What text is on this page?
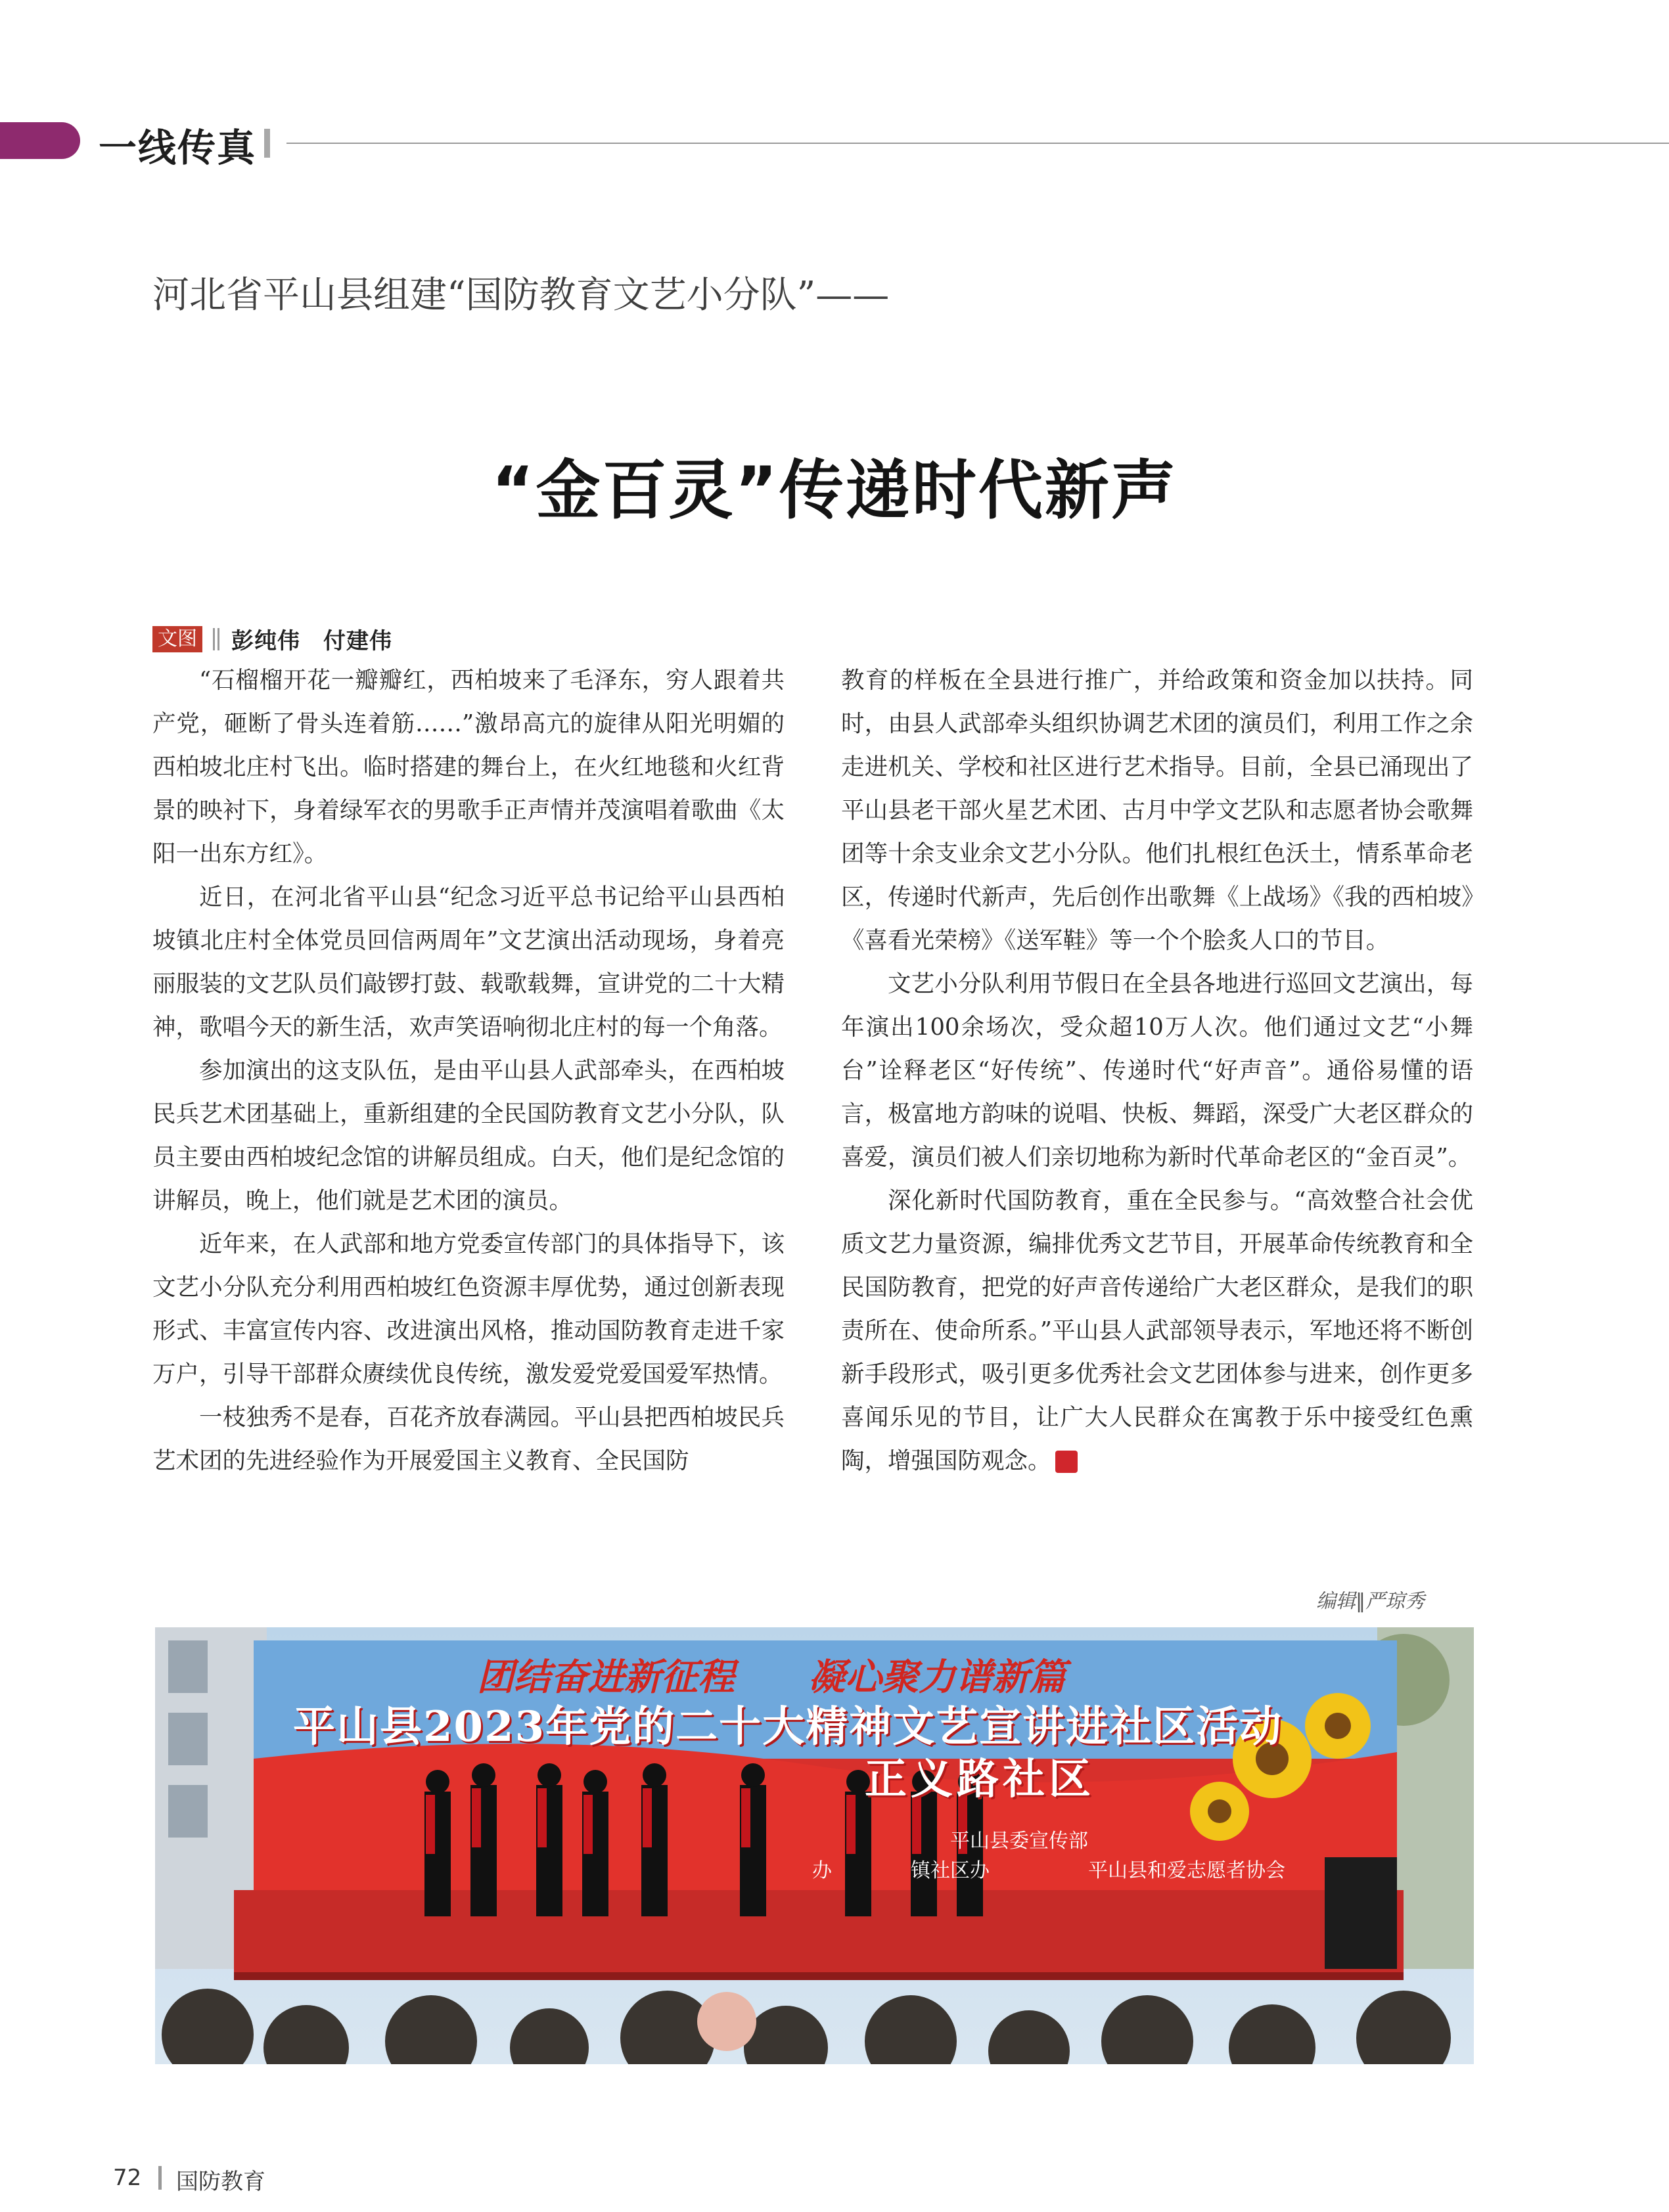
一线传真
河北省平山县组建“国防教育文艺小分队”——
“金百灵”传递时代新声
文图 彭纯伟　付建伟

“石榴榴开花一瓣瓣红，西柏坡来了毛泽东，穷人跟着共产党，砸断了骨头连着筋……”激昂高亢的旋律从阳光明媚的西柏坡北庄村飞出。临时搭建的舞台上，在火红地毯和火红背景的映衬下，身着绿军衣的男歌手正声情并茂演唱着歌曲《太阳一出东方红》。

近日，在河北省平山县“纪念习近平总书记给平山县西柏坡镇北庄村全体党员回信两周年”文艺演出活动现场，身着亮丽服装的文艺队员们敲锣打鼓、载歌载舞，宣讲党的二十大精神，歌唱今天的新生活，欢声笑语响彻北庄村的每一个角落。

参加演出的这支队伍，是由平山县人武部牵头，在西柏坡民兵艺术团基础上，重新组建的全民国防教育文艺小分队，队员主要由西柏坡纪念馆的讲解员组成。白天，他们是纪念馆的讲解员，晚上，他们就是艺术团的演员。

近年来，在人武部和地方党委宣传部门的具体指导下，该文艺小分队充分利用西柏坡红色资源丰厚优势，通过创新表现形式、丰富宣传内容、改进演出风格，推动国防教育走进千家万户，引导干部群众赓续优良传统，激发爱党爱国爱军热情。

一枝独秀不是春，百花齐放春满园。平山县把西柏坡民兵艺术团的先进经验作为开展爱国主义教育、全民国防

教育的样板在全县进行推广，并给政策和资金加以扶持。同时，由县人武部牵头组织协调艺术团的演员们，利用工作之余走进机关、学校和社区进行艺术指导。目前，全县已涌现出了平山县老干部火星艺术团、古月中学文艺队和志愿者协会歌舞团等十余支业余文艺小分队。他们扎根红色沃土，情系革命老区，传递时代新声，先后创作出歌舞《上战场》《我的西柏坡》《喜看光荣榜》《送军鞋》等一个个脍炙人口的节目。

文艺小分队利用节假日在全县各地进行巡回文艺演出，每年演出100余场次，受众超10万人次。他们通过文艺“小舞台”诠释老区“好传统”、传递时代“好声音”。通俗易懂的语言，极富地方韵味的说唱、快板、舞蹈，深受广大老区群众的喜爱，演员们被人们亲切地称为新时代革命老区的“金百灵”。

深化新时代国防教育，重在全民参与。“高效整合社会优质文艺力量资源，编排优秀文艺节目，开展革命传统教育和全民国防教育，把党的好声音传递给广大老区群众，是我们的职责所在、使命所系。”平山县人武部领导表示，军地还将不断创新手段形式，吸引更多优秀社会文艺团体参与进来，创作更多喜闻乐见的节目，让广大人民群众在寓教于乐中接受红色熏陶，增强国防观念。	G

编辑‖严琼秀
团结奋进新征程　　凝心聚力谱新篇
平山县2023年党的二十大精神文艺宣讲进社区活动
正义路社区
平山县委宣传部
办　　　　镇社区办	平山县和爱志愿者协会
72 国防教育
